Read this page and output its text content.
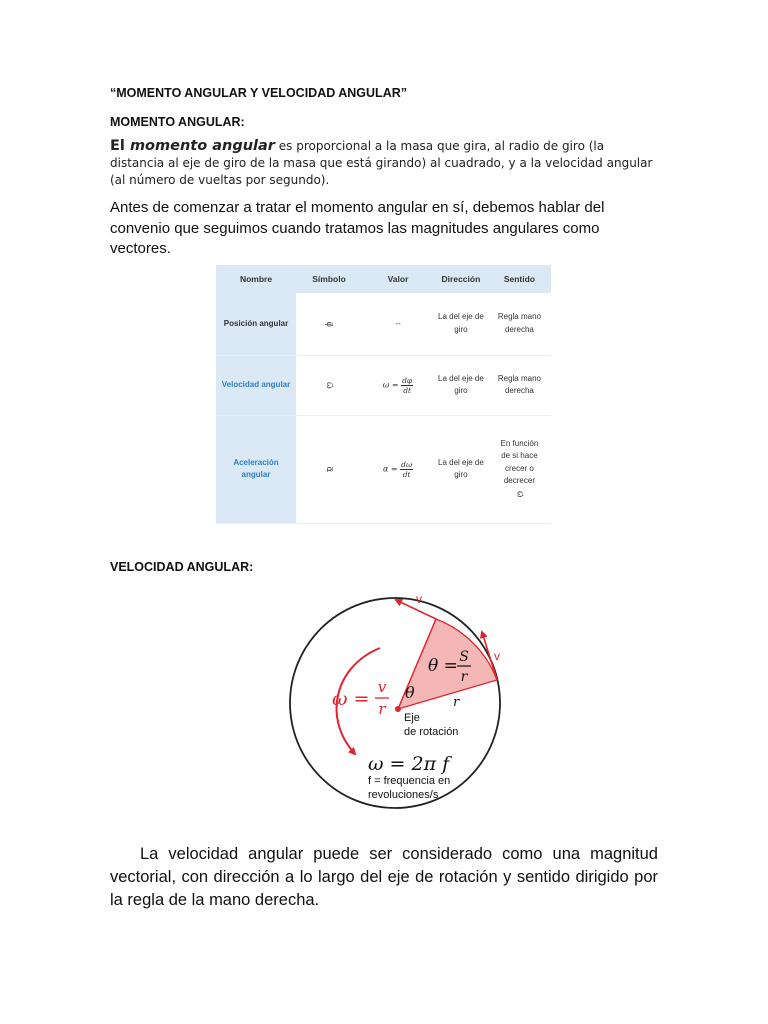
“MOMENTO ANGULAR Y VELOCIDAD ANGULAR”
MOMENTO ANGULAR:
El momento angular es proporcional a la masa que gira, al radio de giro (la distancia al eje de giro de la masa que está girando) al cuadrado, y a la velocidad angular (al número de vueltas por segundo).
Antes de comenzar a tratar el momento angular en sí, debemos hablar del convenio que seguimos cuando tratamos las magnitudes angulares como vectores.
Nombre	Símbolo	Valor	Dirección	Sentido
Posición angular	φ⃗	--	La del eje de giro	Regla mano derecha
Velocidad angular	ω⃗	$\omega = \frac{d\varphi}{dt}$	La del eje de giro	Regla mano derecha
Aceleración angular	α⃗	$\alpha = \frac{d\omega}{dt}$	La del eje de giro	En función de si hace crecer o decrecer
ω⃗
VELOCIDAD ANGULAR:
v
v
θ = S
r
θ
r
ω =
v
r Eje
de rotación
ω = 2π f
f = frequencia en
revoluciones/s
La velocidad angular puede ser considerado como una magnitud vectorial, con dirección a lo largo del eje de rotación y sentido dirigido por la regla de la mano derecha.
